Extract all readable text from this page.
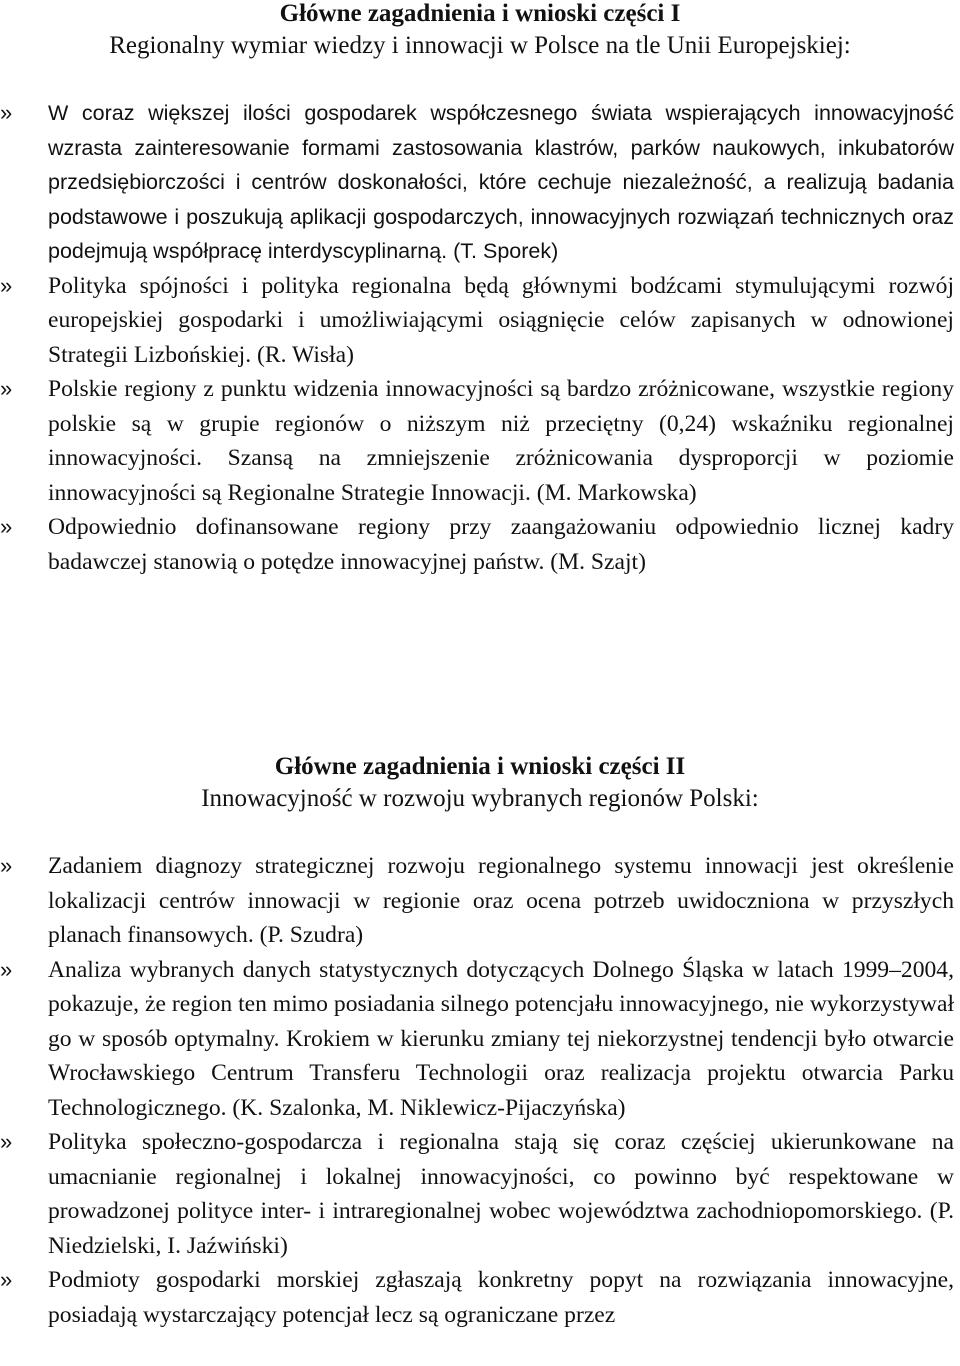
Główne zagadnienia i wnioski części I

Regionalny wymiar wiedzy i innowacji w Polsce na tle Unii Europejskiej:

» W coraz większej ilości gospodarek współczesnego świata wspierających innowacyjność wzrasta zainteresowanie formami zastosowania klastrów, parków naukowych, inkubatorów przedsiębiorczości i centrów doskonałości, które cechuje niezależność, a realizują badania podstawowe i poszukują aplikacji gospodarczych, innowacyjnych rozwiązań technicznych oraz podejmują współpracę interdyscyplinarną. (T. Sporek)
» Polityka spójności i polityka regionalna będą głównymi bodźcami stymulującymi rozwój europejskiej gospodarki i umożliwiającymi osiągnięcie celów zapisanych w odnowionej Strategii Lizbońskiej. (R. Wisła)
» Polskie regiony z punktu widzenia innowacyjności są bardzo zróżnicowane, wszystkie regiony polskie są w grupie regionów o niższym niż przeciętny (0,24) wskaźniku regionalnej innowacyjności. Szansą na zmniejszenie zróżnicowania dysproporcji w poziomie innowacyjności są Regionalne Strategie Innowacji. (M. Markowska)
» Odpowiednio dofinansowane regiony przy zaangażowaniu odpowiednio licznej kadry badawczej stanowią o potędze innowacyjnej państw. (M. Szajt)

Główne zagadnienia i wnioski części II

Innowacyjność w rozwoju wybranych regionów Polski:

» Zadaniem diagnozy strategicznej rozwoju regionalnego systemu innowacji jest określenie lokalizacji centrów innowacji w regionie oraz ocena potrzeb uwidoczniona w przyszłych planach finansowych. (P. Szudra)
» Analiza wybranych danych statystycznych dotyczących Dolnego Śląska w latach 1999–2004, pokazuje, że region ten mimo posiadania silnego potencjału innowacyjnego, nie wykorzystywał go w sposób optymalny. Krokiem w kierunku zmiany tej niekorzystnej tendencji było otwarcie Wrocławskiego Centrum Transferu Technologii oraz realizacja projektu otwarcia Parku Technologicznego. (K. Szalonka, M. Niklewicz-Pijaczyńska)
» Polityka społeczno-gospodarcza i regionalna stają się coraz częściej ukierunkowane na umacnianie regionalnej i lokalnej innowacyjności, co powinno być respektowane w prowadzonej polityce inter- i intraregionalnej wobec województwa zachodniopomorskiego. (P. Niedzielski, I. Jaźwiński)
» Podmioty gospodarki morskiej zgłaszają konkretny popyt na rozwiązania innowacyjne, posiadają wystarczający potencjał lecz są ograniczane przez
